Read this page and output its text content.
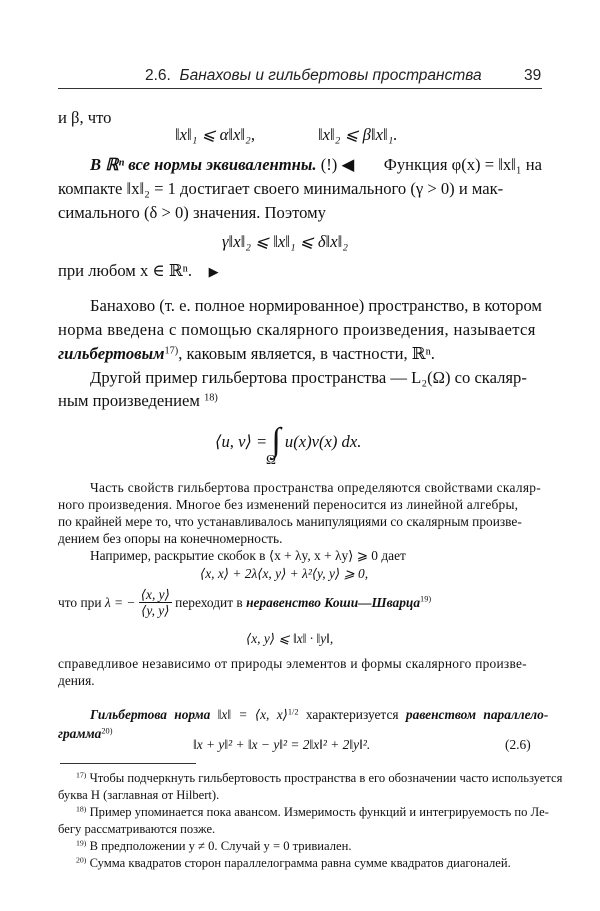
2.6. Банаховы и гильбертовы пространства	39
и β, что
‖x‖₁ ⩽ α‖x‖₂,	‖x‖₂ ⩽ β‖x‖₁.
В ℝⁿ все нормы эквивалентны. (!) ◀ Функция φ(x) = ‖x‖₁ на
компакте ‖x‖₂ = 1 достигает своего минимального (γ > 0) и мак-
симального (δ > 0) значения. Поэтому
γ‖x‖₂ ⩽ ‖x‖₁ ⩽ δ‖x‖₂
при любом x ∈ ℝⁿ. ▶
Банахово (т. е. полное нормированное) пространство, в котором
норма введена с помощью скалярного произведения, называется
гильбертовым$^{17)}$, каковым является, в частности, ℝⁿ.
Другой пример гильбертова пространства — L₂(Ω) со скаляр-
ным произведением $^{18)}$
⟨u, v⟩ = ∫ u(x)v(x) dx.
Ω
Часть свойств гильбертова пространства определяются свойствами скаляр-
ного произведения. Многое без изменений переносится из линейной алгебры,
по крайней мере то, что устанавливалось манипуляциями со скалярным произве-
дением без опоры на конечномерность.
Например, раскрытие скобок в ⟨x + λy, x + λy⟩ ⩾ 0 дает
⟨x, x⟩ + 2λ⟨x, y⟩ + λ²⟨y, y⟩ ⩾ 0,
что при λ = − $\frac{⟨x, y⟩}{⟨y, y⟩}$ переходит в неравенство Коши—Шварца$^{19)}$
⟨x, y⟩ ⩽ ‖x‖ · ‖y‖,
справедливое независимо от природы элементов и формы скалярного произве-
дения.
Гильбертова норма ‖x‖ = ⟨x, x⟩$^{1/2}$ характеризуется равенством параллело-
грамма$^{20)}$
‖x + y‖² + ‖x − y‖² = 2‖x‖² + 2‖y‖².	(2.6)
$^{17)}$ Чтобы подчеркнуть гильбертовость пространства в его обозначении часто используется
буква H (заглавная от Hilbert).
$^{18)}$ Пример упоминается пока авансом. Измеримость функций и интегрируемость по Ле-
бегу рассматриваются позже.
$^{19)}$ В предположении y ≠ 0. Случай y = 0 тривиален.
$^{20)}$ Сумма квадратов сторон параллелограмма равна сумме квадратов диагоналей.
